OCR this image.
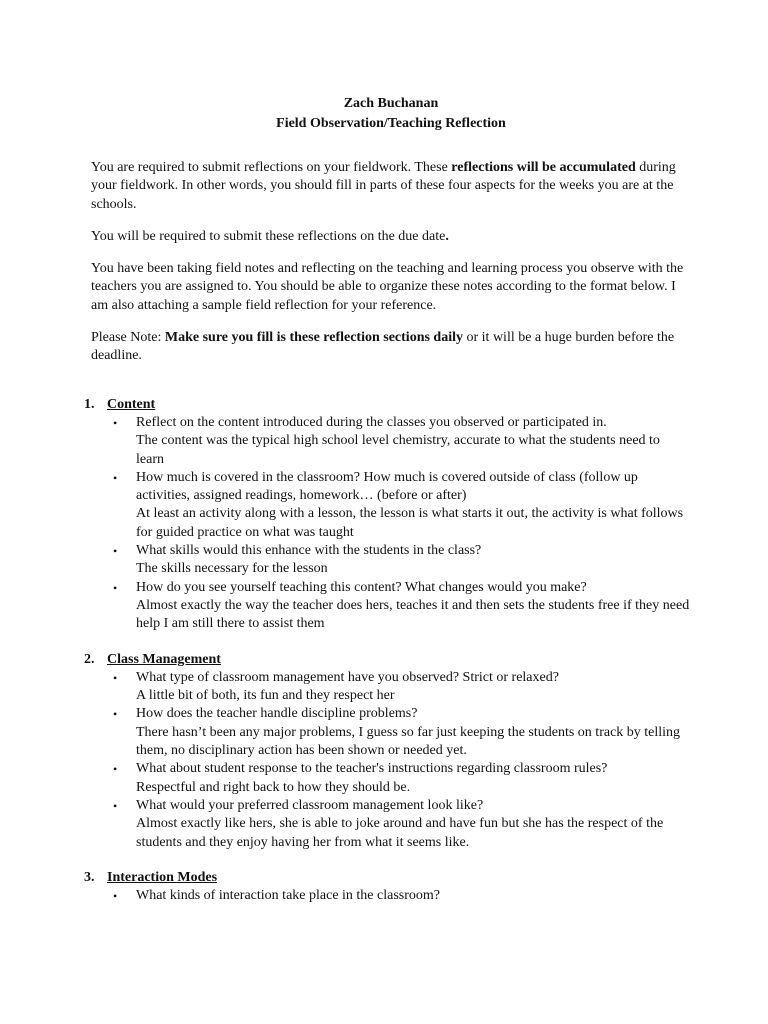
Zach Buchanan

Field Observation/Teaching Reflection

You are required to submit reflections on your fieldwork. These reflections will be accumulated during your fieldwork. In other words, you should fill in parts of these four aspects for the weeks you are at the schools.

You will be required to submit these reflections on the due date.

You have been taking field notes and reflecting on the teaching and learning process you observe with the teachers you are assigned to. You should be able to organize these notes according to the format below. I am also attaching a sample field reflection for your reference.

Please Note: Make sure you fill is these reflection sections daily or it will be a huge burden before the deadline.

1. Content
• Reflect on the content introduced during the classes you observed or participated in.
The content was the typical high school level chemistry, accurate to what the students need to learn
• How much is covered in the classroom? How much is covered outside of class (follow up activities, assigned readings, homework… (before or after)
At least an activity along with a lesson, the lesson is what starts it out, the activity is what follows for guided practice on what was taught
• What skills would this enhance with the students in the class?
The skills necessary for the lesson
• How do you see yourself teaching this content? What changes would you make?
Almost exactly the way the teacher does hers, teaches it and then sets the students free if they need help I am still there to assist them
2. Class Management
• What type of classroom management have you observed? Strict or relaxed?
A little bit of both, its fun and they respect her
• How does the teacher handle discipline problems?
There hasn’t been any major problems, I guess so far just keeping the students on track by telling them, no disciplinary action has been shown or needed yet.
• What about student response to the teacher's instructions regarding classroom rules?
Respectful and right back to how they should be.
• What would your preferred classroom management look like?
Almost exactly like hers, she is able to joke around and have fun but she has the respect of the students and they enjoy having her from what it seems like.
3. Interaction Modes
• What kinds of interaction take place in the classroom?
